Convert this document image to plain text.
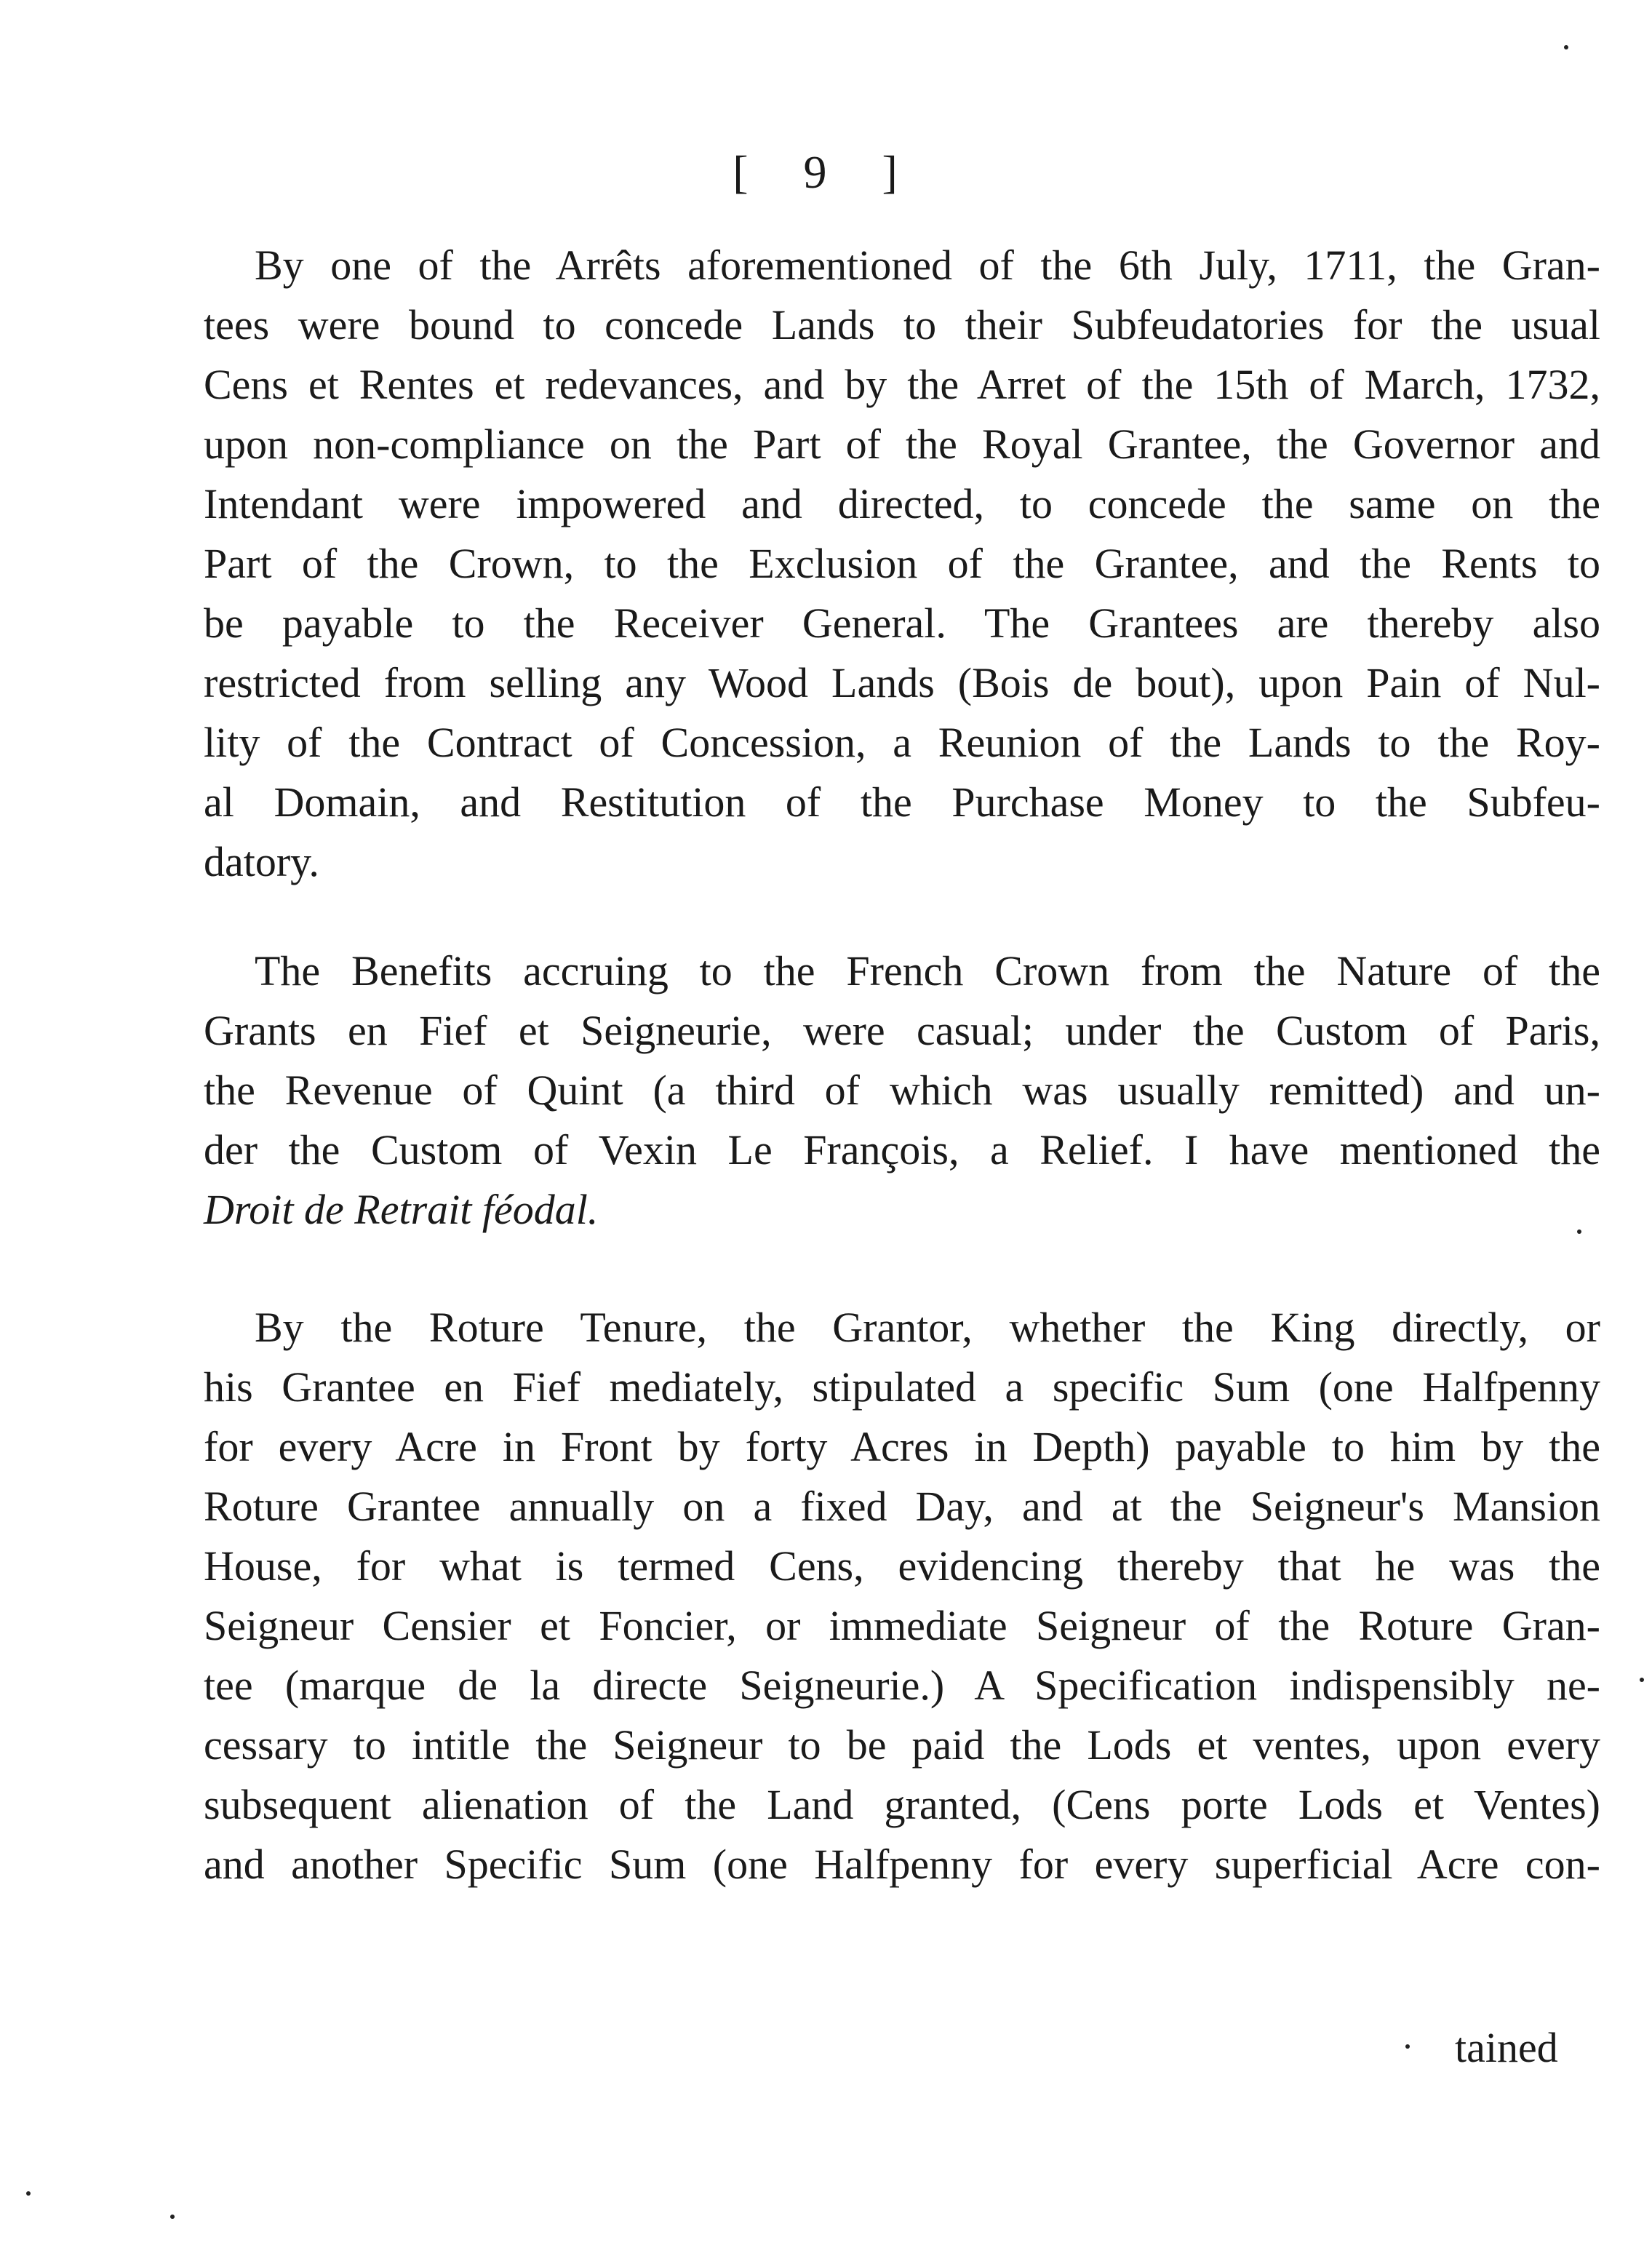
[ 9 ]
By one of the Arrêts aforementioned of the 6th July, 1711, the Gran-
tees were bound to concede Lands to their Subfeudatories for the usual
Cens et Rentes et redevances, and by the Arret of the 15th of March, 1732,
upon non-compliance on the Part of the Royal Grantee, the Governor and
Intendant were impowered and directed, to concede the same on the
Part of the Crown, to the Exclusion of the Grantee, and the Rents to
be payable to the Receiver General. The Grantees are thereby also
restricted from selling any Wood Lands (Bois de bout), upon Pain of Nul-
lity of the Contract of Concession, a Reunion of the Lands to the Roy-
al Domain, and Restitution of the Purchase Money to the Subfeu-
datory.
The Benefits accruing to the French Crown from the Nature of the
Grants en Fief et Seigneurie, were casual; under the Custom of Paris,
the Revenue of Quint (a third of which was usually remitted) and un-
der the Custom of Vexin Le François, a Relief. I have mentioned the
Droit de Retrait féodal.
By the Roture Tenure, the Grantor, whether the King directly, or
his Grantee en Fief mediately, stipulated a specific Sum (one Halfpenny
for every Acre in Front by forty Acres in Depth) payable to him by the
Roture Grantee annually on a fixed Day, and at the Seigneur's Mansion
House, for what is termed Cens, evidencing thereby that he was the
Seigneur Censier et Foncier, or immediate Seigneur of the Roture Gran-
tee (marque de la directe Seigneurie.) A Specification indispensibly ne-
cessary to intitle the Seigneur to be paid the Lods et ventes, upon every
subsequent alienation of the Land granted, (Cens porte Lods et Ventes)
and another Specific Sum (one Halfpenny for every superficial Acre con-
tained
